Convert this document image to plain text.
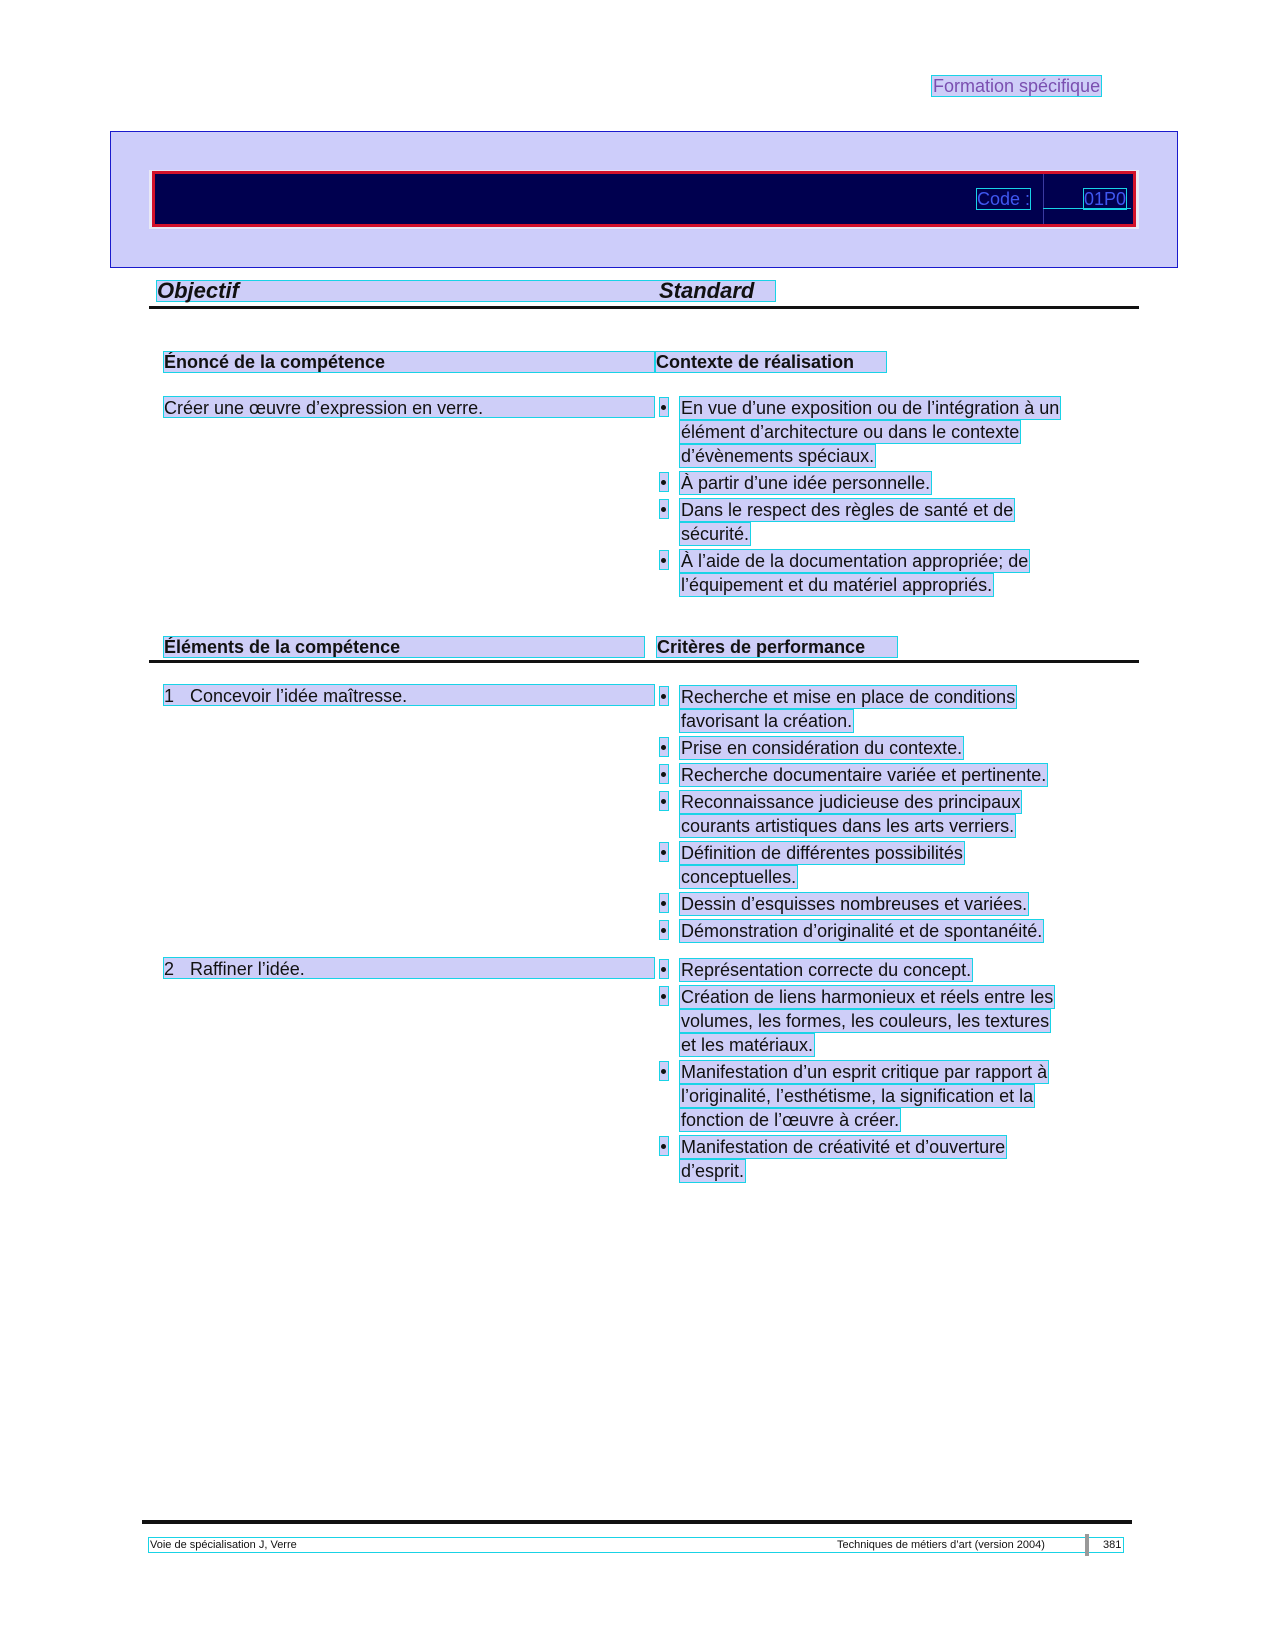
Formation spécifique
Code :	01P0
Objectif	Standard
Énoncé de la compétence	Contexte de réalisation
Créer une œuvre d’expression en verre.	En vue d’une exposition ou de l’intégration à un
élément d’architecture ou dans le contexte
d’évènements spéciaux.

À partir d’une idée personnelle.

Dans le respect des règles de santé et de
sécurité.

À l’aide de la documentation appropriée; de
l’équipement et du matériel appropriés.

Éléments de la compétence	Critères de performance
1 Concevoir l’idée maîtresse.	Recherche et mise en place de conditions
favorisant la création.

Prise en considération du contexte.

Recherche documentaire variée et pertinente.

Reconnaissance judicieuse des principaux
courants artistiques dans les arts verriers.

Définition de différentes possibilités
conceptuelles.

Dessin d’esquisses nombreuses et variées.

Démonstration d’originalité et de spontanéité.

2 Raffiner l’idée.	Représentation correcte du concept.

Création de liens harmonieux et réels entre les
volumes, les formes, les couleurs, les textures
et les matériaux.

Manifestation d’un esprit critique par rapport à
l’originalité, l’esthétisme, la signification et la
fonction de l’œuvre à créer.

Manifestation de créativité et d’ouverture
d’esprit.

Voie de spécialisation J, Verre	Techniques de métiers d’art (version 2004)	381
